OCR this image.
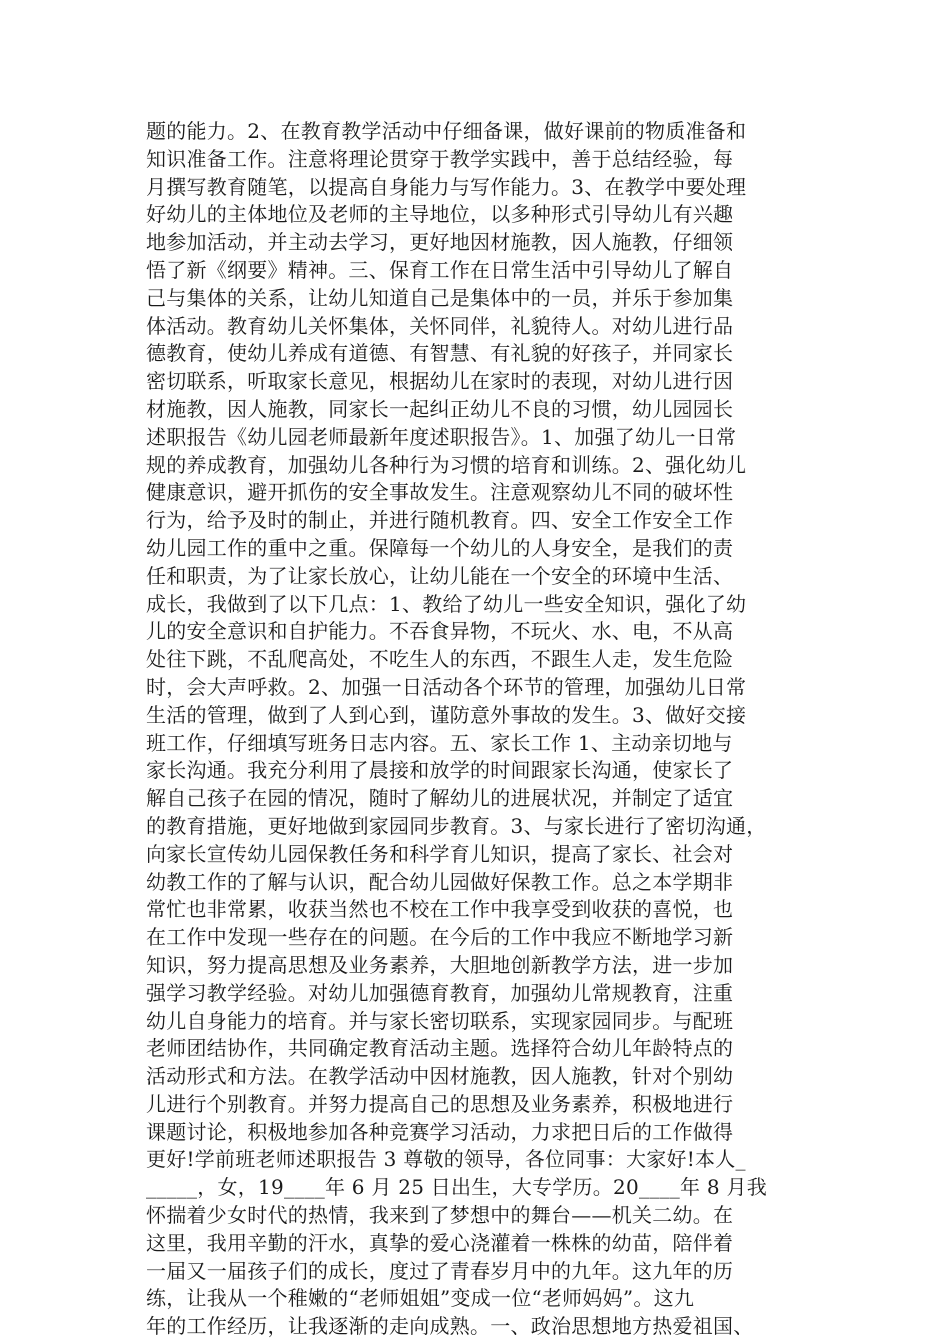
题的能力。2、在教育教学活动中仔细备课，做好课前的物质准备和
知识准备工作。注意将理论贯穿于教学实践中，善于总结经验，每
月撰写教育随笔，以提高自身能力与写作能力。3、在教学中要处理
好幼儿的主体地位及老师的主导地位，以多种形式引导幼儿有兴趣
地参加活动，并主动去学习，更好地因材施教，因人施教，仔细领
悟了新《纲要》精神。三、保育工作在日常生活中引导幼儿了解自
己与集体的关系，让幼儿知道自己是集体中的一员，并乐于参加集
体活动。教育幼儿关怀集体，关怀同伴，礼貌待人。对幼儿进行品
德教育，使幼儿养成有道德、有智慧、有礼貌的好孩子，并同家长
密切联系，听取家长意见，根据幼儿在家时的表现，对幼儿进行因
材施教，因人施教，同家长一起纠正幼儿不良的习惯，幼儿园园长
述职报告《幼儿园老师最新年度述职报告》。1、加强了幼儿一日常
规的养成教育，加强幼儿各种行为习惯的培育和训练。2、强化幼儿
健康意识，避开抓伤的安全事故发生。注意观察幼儿不同的破坏性
行为，给予及时的制止，并进行随机教育。四、安全工作安全工作
幼儿园工作的重中之重。保障每一个幼儿的人身安全，是我们的责
任和职责，为了让家长放心，让幼儿能在一个安全的环境中生活、
成长，我做到了以下几点：1、教给了幼儿一些安全知识，强化了幼
儿的安全意识和自护能力。不吞食异物，不玩火、水、电，不从高
处往下跳，不乱爬高处，不吃生人的东西，不跟生人走，发生危险
时，会大声呼救。2、加强一日活动各个环节的管理，加强幼儿日常
生活的管理，做到了人到心到，谨防意外事故的发生。3、做好交接
班工作，仔细填写班务日志内容。五、家长工作 1、主动亲切地与
家长沟通。我充分利用了晨接和放学的时间跟家长沟通，使家长了
解自己孩子在园的情况，随时了解幼儿的进展状况，并制定了适宜
的教育措施，更好地做到家园同步教育。3、与家长进行了密切沟通，
向家长宣传幼儿园保教任务和科学育儿知识，提高了家长、社会对
幼教工作的了解与认识，配合幼儿园做好保教工作。总之本学期非
常忙也非常累，收获当然也不校在工作中我享受到收获的喜悦，也
在工作中发现一些存在的问题。在今后的工作中我应不断地学习新
知识，努力提高思想及业务素养，大胆地创新教学方法，进一步加
强学习教学经验。对幼儿加强德育教育，加强幼儿常规教育，注重
幼儿自身能力的培育。并与家长密切联系，实现家园同步。与配班
老师团结协作，共同确定教育活动主题。选择符合幼儿年龄特点的
活动形式和方法。在教学活动中因材施教，因人施教，针对个别幼
儿进行个别教育。并努力提高自己的思想及业务素养，积极地进行
课题讨论，积极地参加各种竞赛学习活动，力求把日后的工作做得
更好!学前班老师述职报告 3 尊敬的领导，各位同事：大家好!本人_
_____，女，19____年 6 月 25 日出生，大专学历。20____年 8 月我
怀揣着少女时代的热情，我来到了梦想中的舞台——机关二幼。在
这里，我用辛勤的汗水，真挚的爱心浇灌着一株株的幼苗，陪伴着
一届又一届孩子们的成长，度过了青春岁月中的九年。这九年的历
练，让我从一个稚嫩的“老师姐姐”变成一位“老师妈妈”。这九
年的工作经历，让我逐渐的走向成熟。一、政治思想地方热爱祖国、
